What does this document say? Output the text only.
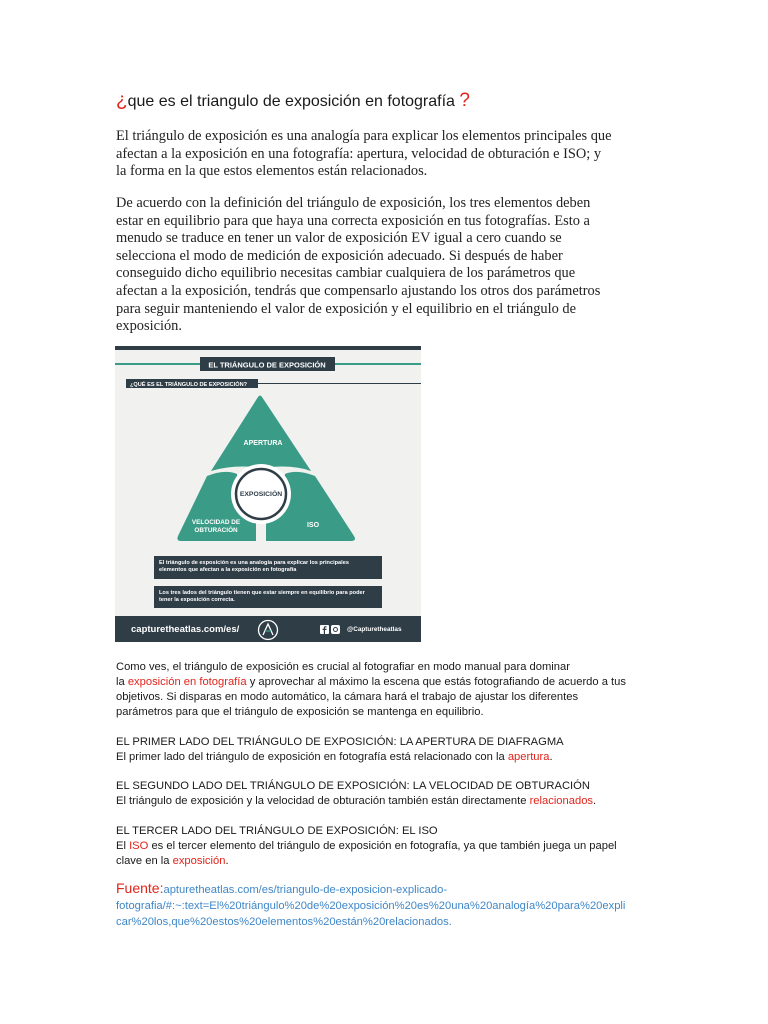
¿que es el triangulo de exposición en fotografía ?
El triángulo de exposición es una analogía para explicar los elementos principales que
afectan a la exposición en una fotografía: apertura, velocidad de obturación e ISO; y
la forma en la que estos elementos están relacionados.
De acuerdo con la definición del triángulo de exposición, los tres elementos deben
estar en equilibrio para que haya una correcta exposición en tus fotografías. Esto a
menudo se traduce en tener un valor de exposición EV igual a cero cuando se
selecciona el modo de medición de exposición adecuado. Si después de haber
conseguido dicho equilibrio necesitas cambiar cualquiera de los parámetros que
afectan a la exposición, tendrás que compensarlo ajustando los otros dos parámetros
para seguir manteniendo el valor de exposición y el equilibrio en el triángulo de
exposición.
EL TRIÁNGULO DE EXPOSICIÓN
¿QUÉ ES EL TRIÁNGULO DE EXPOSICIÓN?
APERTURA
EXPOSICIÓN
VELOCIDAD DE
OBTURACIÓN
ISO
El triángulo de exposición es una analogía para explicar los principales
elementos que afectan a la exposición en fotografía
Los tres lados del triángulo tienen que estar siempre en equilibrio para poder
tener la exposición correcta.
capturetheatlas.com/es/	@Capturetheatlas
Como ves, el triángulo de exposición es crucial al fotografiar en modo manual para dominar
la exposición en fotografía y aprovechar al máximo la escena que estás fotografiando de acuerdo a tus
objetivos. Si disparas en modo automático, la cámara hará el trabajo de ajustar los diferentes
parámetros para que el triángulo de exposición se mantenga en equilibrio.
EL PRIMER LADO DEL TRIÁNGULO DE EXPOSICIÓN: LA APERTURA DE DIAFRAGMA
El primer lado del triángulo de exposición en fotografía está relacionado con la apertura.
EL SEGUNDO LADO DEL TRIÁNGULO DE EXPOSICIÓN: LA VELOCIDAD DE OBTURACIÓN
El triángulo de exposición y la velocidad de obturación también están directamente relacionados.
EL TERCER LADO DEL TRIÁNGULO DE EXPOSICIÓN: EL ISO
El ISO es el tercer elemento del triángulo de exposición en fotografía, ya que también juega un papel
clave en la exposición.
Fuente:apturetheatlas.com/es/triangulo-de-exposicion-explicado-
fotografia/#:~:text=El%20triángulo%20de%20exposición%20es%20una%20analogía%20para%20expli
car%20los,que%20estos%20elementos%20están%20relacionados.
